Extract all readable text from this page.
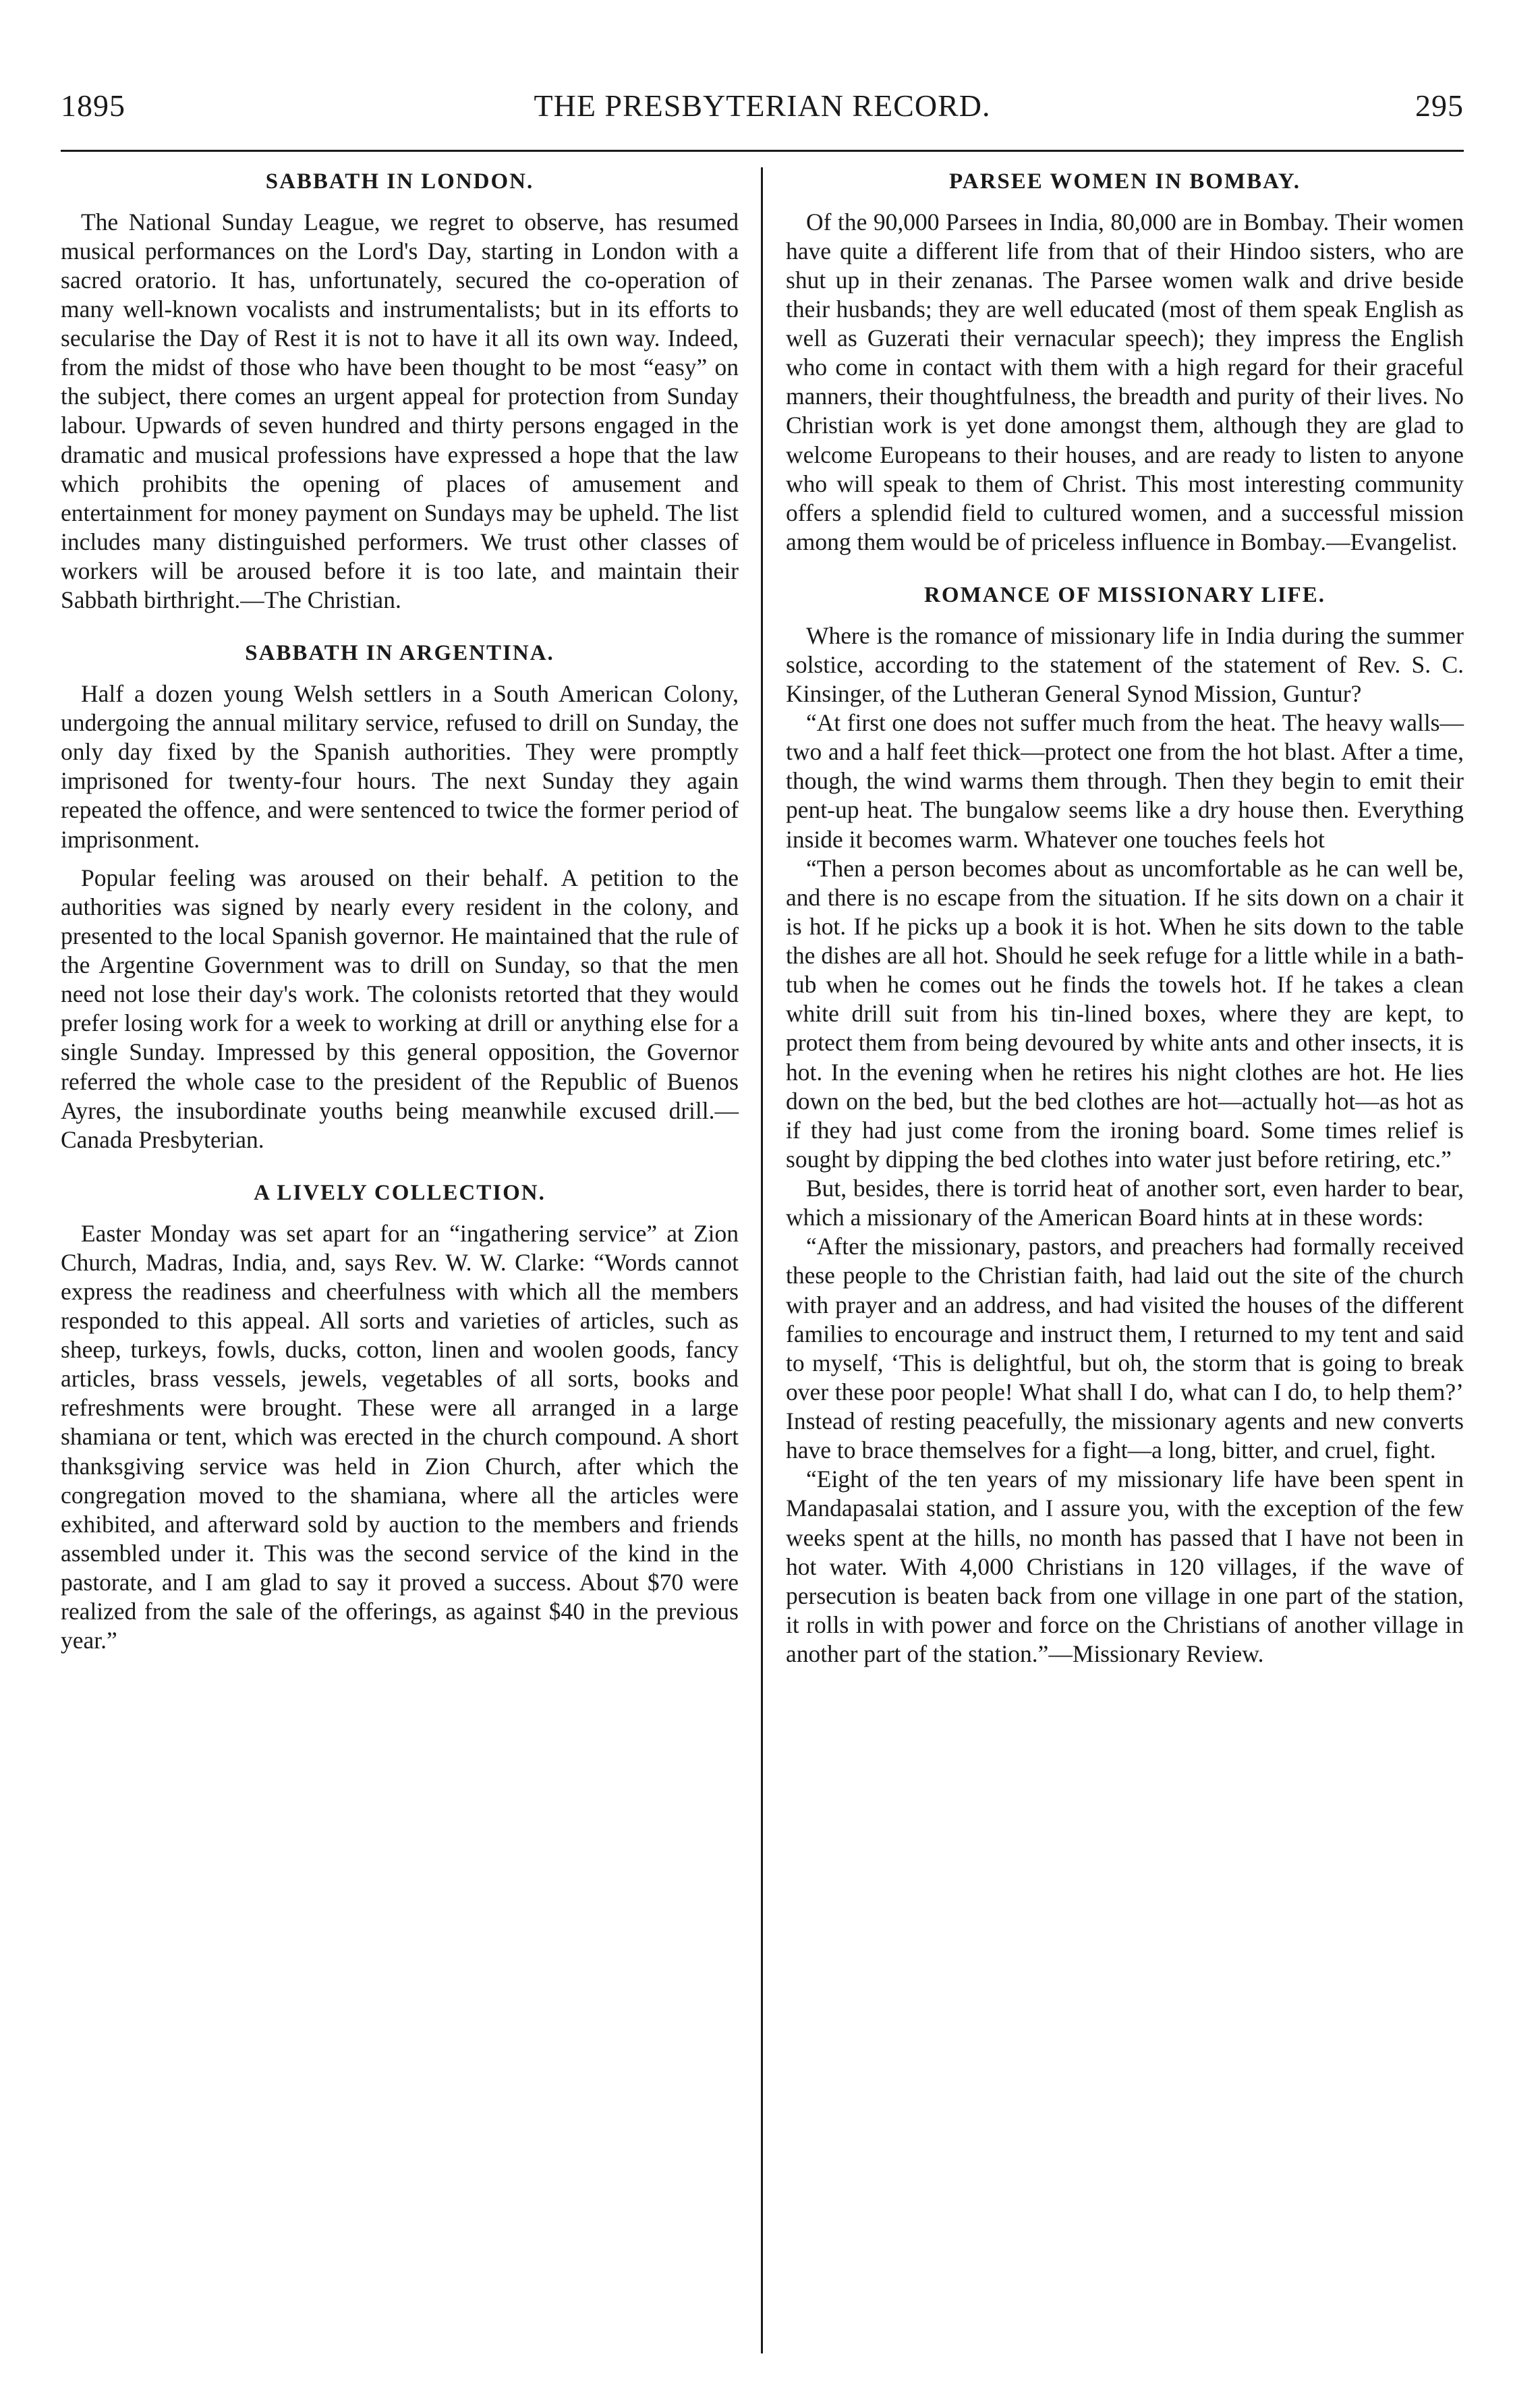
1895	THE PRESBYTERIAN RECORD.	295
SABBATH IN LONDON.

The National Sunday League, we regret to observe, has resumed musical performances on the Lord's Day, starting in London with a sacred oratorio. It has, unfortunately, secured the co-operation of many well-known vocalists and instrumentalists; but in its efforts to secularise the Day of Rest it is not to have it all its own way. Indeed, from the midst of those who have been thought to be most “easy” on the subject, there comes an urgent appeal for protection from Sunday labour. Upwards of seven hundred and thirty persons engaged in the dramatic and musical professions have expressed a hope that the law which prohibits the opening of places of amusement and entertainment for money payment on Sundays may be upheld. The list includes many distinguished performers. We trust other classes of workers will be aroused before it is too late, and maintain their Sabbath birthright.—The Christian.

SABBATH IN ARGENTINA.

Half a dozen young Welsh settlers in a South American Colony, undergoing the annual military service, refused to drill on Sunday, the only day fixed by the Spanish authorities. They were promptly imprisoned for twenty-four hours. The next Sunday they again repeated the offence, and were sentenced to twice the former period of imprisonment.

Popular feeling was aroused on their behalf. A petition to the authorities was signed by nearly every resident in the colony, and presented to the local Spanish governor. He maintained that the rule of the Argentine Government was to drill on Sunday, so that the men need not lose their day's work. The colonists retorted that they would prefer losing work for a week to working at drill or anything else for a single Sunday. Impressed by this general opposition, the Governor referred the whole case to the president of the Republic of Buenos Ayres, the insubordinate youths being meanwhile excused drill.—Canada Presbyterian.

A LIVELY COLLECTION.

Easter Monday was set apart for an “ingathering service” at Zion Church, Madras, India, and, says Rev. W. W. Clarke: “Words cannot express the readiness and cheerfulness with which all the members responded to this appeal. All sorts and varieties of articles, such as sheep, turkeys, fowls, ducks, cotton, linen and woolen goods, fancy articles, brass vessels, jewels, vegetables of all sorts, books and refreshments were brought. These were all arranged in a large shamiana or tent, which was erected in the church compound. A short thanksgiving service was held in Zion Church, after which the congregation moved to the shamiana, where all the articles were exhibited, and afterward sold by auction to the members and friends assembled under it. This was the second service of the kind in the pastorate, and I am glad to say it proved a success. About $70 were realized from the sale of the offerings, as against $40 in the previous year.”

PARSEE WOMEN IN BOMBAY.

Of the 90,000 Parsees in India, 80,000 are in Bombay. Their women have quite a different life from that of their Hindoo sisters, who are shut up in their zenanas. The Parsee women walk and drive beside their husbands; they are well educated (most of them speak English as well as Guzerati their vernacular speech); they impress the English who come in contact with them with a high regard for their graceful manners, their thoughtfulness, the breadth and purity of their lives. No Christian work is yet done amongst them, although they are glad to welcome Europeans to their houses, and are ready to listen to anyone who will speak to them of Christ. This most interesting community offers a splendid field to cultured women, and a successful mission among them would be of priceless influence in Bombay.—Evangelist.

ROMANCE OF MISSIONARY LIFE.

Where is the romance of missionary life in India during the summer solstice, according to the statement of the statement of Rev. S. C. Kinsinger, of the Lutheran General Synod Mission, Guntur?

“At first one does not suffer much from the heat. The heavy walls—two and a half feet thick—protect one from the hot blast. After a time, though, the wind warms them through. Then they begin to emit their pent-up heat. The bungalow seems like a dry house then. Everything inside it becomes warm. Whatever one touches feels hot

“Then a person becomes about as uncomfortable as he can well be, and there is no escape from the situation. If he sits down on a chair it is hot. If he picks up a book it is hot. When he sits down to the table the dishes are all hot. Should he seek refuge for a little while in a bath-tub when he comes out he finds the towels hot. If he takes a clean white drill suit from his tin-lined boxes, where they are kept, to protect them from being devoured by white ants and other insects, it is hot. In the evening when he retires his night clothes are hot. He lies down on the bed, but the bed clothes are hot—actually hot—as hot as if they had just come from the ironing board. Some times relief is sought by dipping the bed clothes into water just before retiring, etc.”

But, besides, there is torrid heat of another sort, even harder to bear, which a missionary of the American Board hints at in these words:

“After the missionary, pastors, and preachers had formally received these people to the Christian faith, had laid out the site of the church with prayer and an address, and had visited the houses of the different families to encourage and instruct them, I returned to my tent and said to myself, ‘This is delightful, but oh, the storm that is going to break over these poor people! What shall I do, what can I do, to help them?’ Instead of resting peacefully, the missionary agents and new converts have to brace themselves for a fight—a long, bitter, and cruel, fight.

“Eight of the ten years of my missionary life have been spent in Mandapasalai station, and I assure you, with the exception of the few weeks spent at the hills, no month has passed that I have not been in hot water. With 4,000 Christians in 120 villages, if the wave of persecution is beaten back from one village in one part of the station, it rolls in with power and force on the Christians of another village in another part of the station.”—Missionary Review.
